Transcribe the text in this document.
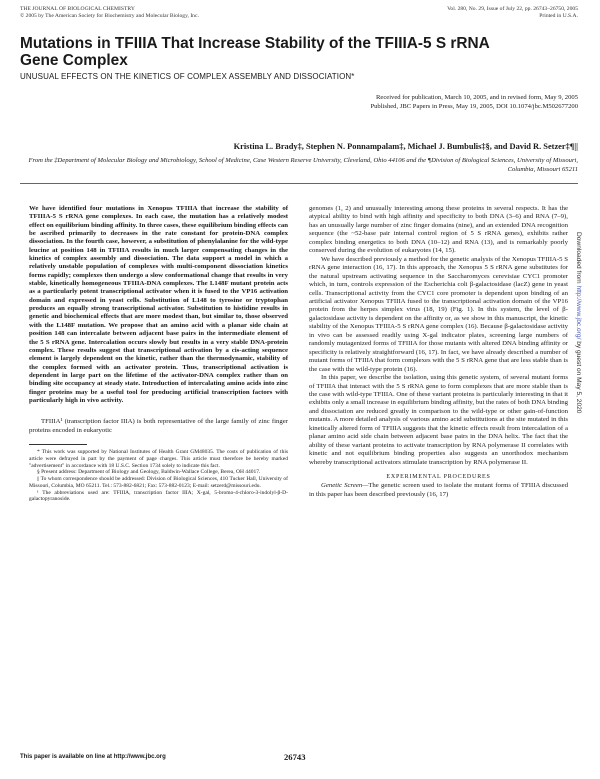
THE JOURNAL OF BIOLOGICAL CHEMISTRY
© 2005 by The American Society for Biochemistry and Molecular Biology, Inc.
Vol. 280, No. 29, Issue of July 22, pp. 26743–26750, 2005
Printed in U.S.A.
Mutations in TFIIIA That Increase Stability of the TFIIIA-5 S rRNA Gene Complex
UNUSUAL EFFECTS ON THE KINETICS OF COMPLEX ASSEMBLY AND DISSOCIATION*
Received for publication, March 10, 2005, and in revised form, May 9, 2005
Published, JBC Papers in Press, May 19, 2005, DOI 10.1074/jbc.M502677200
Kristina L. Brady‡, Stephen N. Ponnampalam‡, Michael J. Bumbulis‡§, and David R. Setzer‡¶||
From the ‡Department of Molecular Biology and Microbiology, School of Medicine, Case Western Reserve University, Cleveland, Ohio 44106 and the ¶Division of Biological Sciences, University of Missouri, Columbia, Missouri 65211

We have identified four mutations in Xenopus TFIIIA that increase the stability of TFIIIA-5 S rRNA gene complexes. In each case, the mutation has a relatively modest effect on equilibrium binding affinity. In three cases, these equilibrium binding effects can be ascribed primarily to decreases in the rate constant for protein-DNA complex dissociation. In the fourth case, however, a substitution of phenylalanine for the wild-type leucine at position 148 in TFIIIA results in much larger compensating changes in the kinetics of complex assembly and dissociation. The data support a model in which a relatively unstable population of complexes with multi-component dissociation kinetics forms rapidly; complexes then undergo a slow conformational change that results in very stable, kinetically homogeneous TFIIIA-DNA complexes. The L148F mutant protein acts as a particularly potent transcriptional activator when it is fused to the VP16 activation domain and expressed in yeast cells. Substitution of L148 to tyrosine or tryptophan produces an equally strong transcriptional activator. Substitution to histidine results in genetic and biochemical effects that are more modest than, but similar to, those observed with the L148F mutation. We propose that an amino acid with a planar side chain at position 148 can intercalate between adjacent base pairs in the intermediate element of the 5 S rRNA gene. Intercalation occurs slowly but results in a very stable DNA-protein complex. These results suggest that transcriptional activation by a cis-acting sequence element is largely dependent on the kinetic, rather than the thermodynamic, stability of the complex formed with an activator protein. Thus, transcriptional activation is dependent in large part on the lifetime of the activator-DNA complex rather than on binding site occupancy at steady state. Introduction of intercalating amino acids into zinc finger proteins may be a useful tool for producing artificial transcription factors with particularly high in vivo activity.

TFIIIA¹ (transcription factor IIIA) is both representative of the large family of zinc finger proteins encoded in eukaryotic

* This work was supported by National Institutes of Health Grant GM48035. The costs of publication of this article were defrayed in part by the payment of page charges. This article must therefore be hereby marked "advertisement" in accordance with 18 U.S.C. Section 1734 solely to indicate this fact.

§ Present address: Department of Biology and Geology, Baldwin-Wallace College, Berea, OH 44017.

|| To whom correspondence should be addressed: Division of Biological Sciences, 410 Tucker Hall, University of Missouri, Columbia, MO 65211. Tel.: 573-882-6821; Fax: 573-882-0123; E-mail: setzerd@missouri.edu.

¹ The abbreviations used are: TFIIIA, transcription factor IIIA; X-gal, 5-bromo-4-chloro-3-indolyl-β-D-galactopyranoside.

genomes (1, 2) and unusually interesting among these proteins in several respects. It has the atypical ability to bind with high affinity and specificity to both DNA (3–6) and RNA (7–9), has an unusually large number of zinc finger domains (nine), and an extended DNA recognition sequence (the ~52-base pair internal control region of 5 S rRNA genes), exhibits rather complex binding energetics to both DNA (10–12) and RNA (13), and is remarkably poorly conserved during the evolution of eukaryotes (14, 15).

We have described previously a method for the genetic analysis of the Xenopus TFIIIA-5 S rRNA gene interaction (16, 17). In this approach, the Xenopus 5 S rRNA gene substitutes for the natural upstream activating sequence in the Saccharomyces cerevisiae CYC1 promoter which, in turn, controls expression of the Escherichia coli β-galactosidase (lacZ) gene in yeast cells. Transcriptional activity from the CYC1 core promoter is dependent upon binding of an artificial activator Xenopus TFIIIA fused to the transcriptional activation domain of the VP16 protein from the herpes simplex virus (18, 19) (Fig. 1). In this system, the level of β-galactosidase activity is dependent on the affinity or, as we show in this manuscript, the kinetic stability of the Xenopus TFIIIA-5 S rRNA gene complex (16). Because β-galactosidase activity in vivo can be assessed readily using X-gal indicator plates, screening large numbers of randomly mutagenized forms of TFIIIA for those mutants with altered DNA binding affinity or specificity is relatively straightforward (16, 17). In fact, we have already described a number of mutant forms of TFIIIA that form complexes with the 5 S rRNA gene that are less stable than is the case with the wild-type protein (16).

In this paper, we describe the isolation, using this genetic system, of several mutant forms of TFIIIA that interact with the 5 S rRNA gene to form complexes that are more stable than is the case with wild-type TFIIIA. One of these variant proteins is particularly interesting in that it exhibits only a small increase in equilibrium binding affinity, but the rates of both DNA binding and dissociation are reduced greatly in comparison to the wild-type or other gain-of-function mutants. A more detailed analysis of various amino acid substitutions at the site mutated in this kinetically altered form of TFIIIA suggests that the kinetic effects result from intercalation of a planar amino acid side chain between adjacent base pairs in the DNA helix. The fact that the ability of these variant proteins to activate transcription by RNA polymerase II correlates with kinetic and not equilibrium binding properties also suggests an unorthodox mechanism whereby transcriptional activators stimulate transcription by RNA polymerase II.

EXPERIMENTAL PROCEDURES

Genetic Screen—The genetic screen used to isolate the mutant forms of TFIIIA discussed in this paper has been described previously (16, 17)

Downloaded from http://www.jbc.org/ by guest on May 5, 2020
This paper is available on line at http://www.jbc.org	26743
